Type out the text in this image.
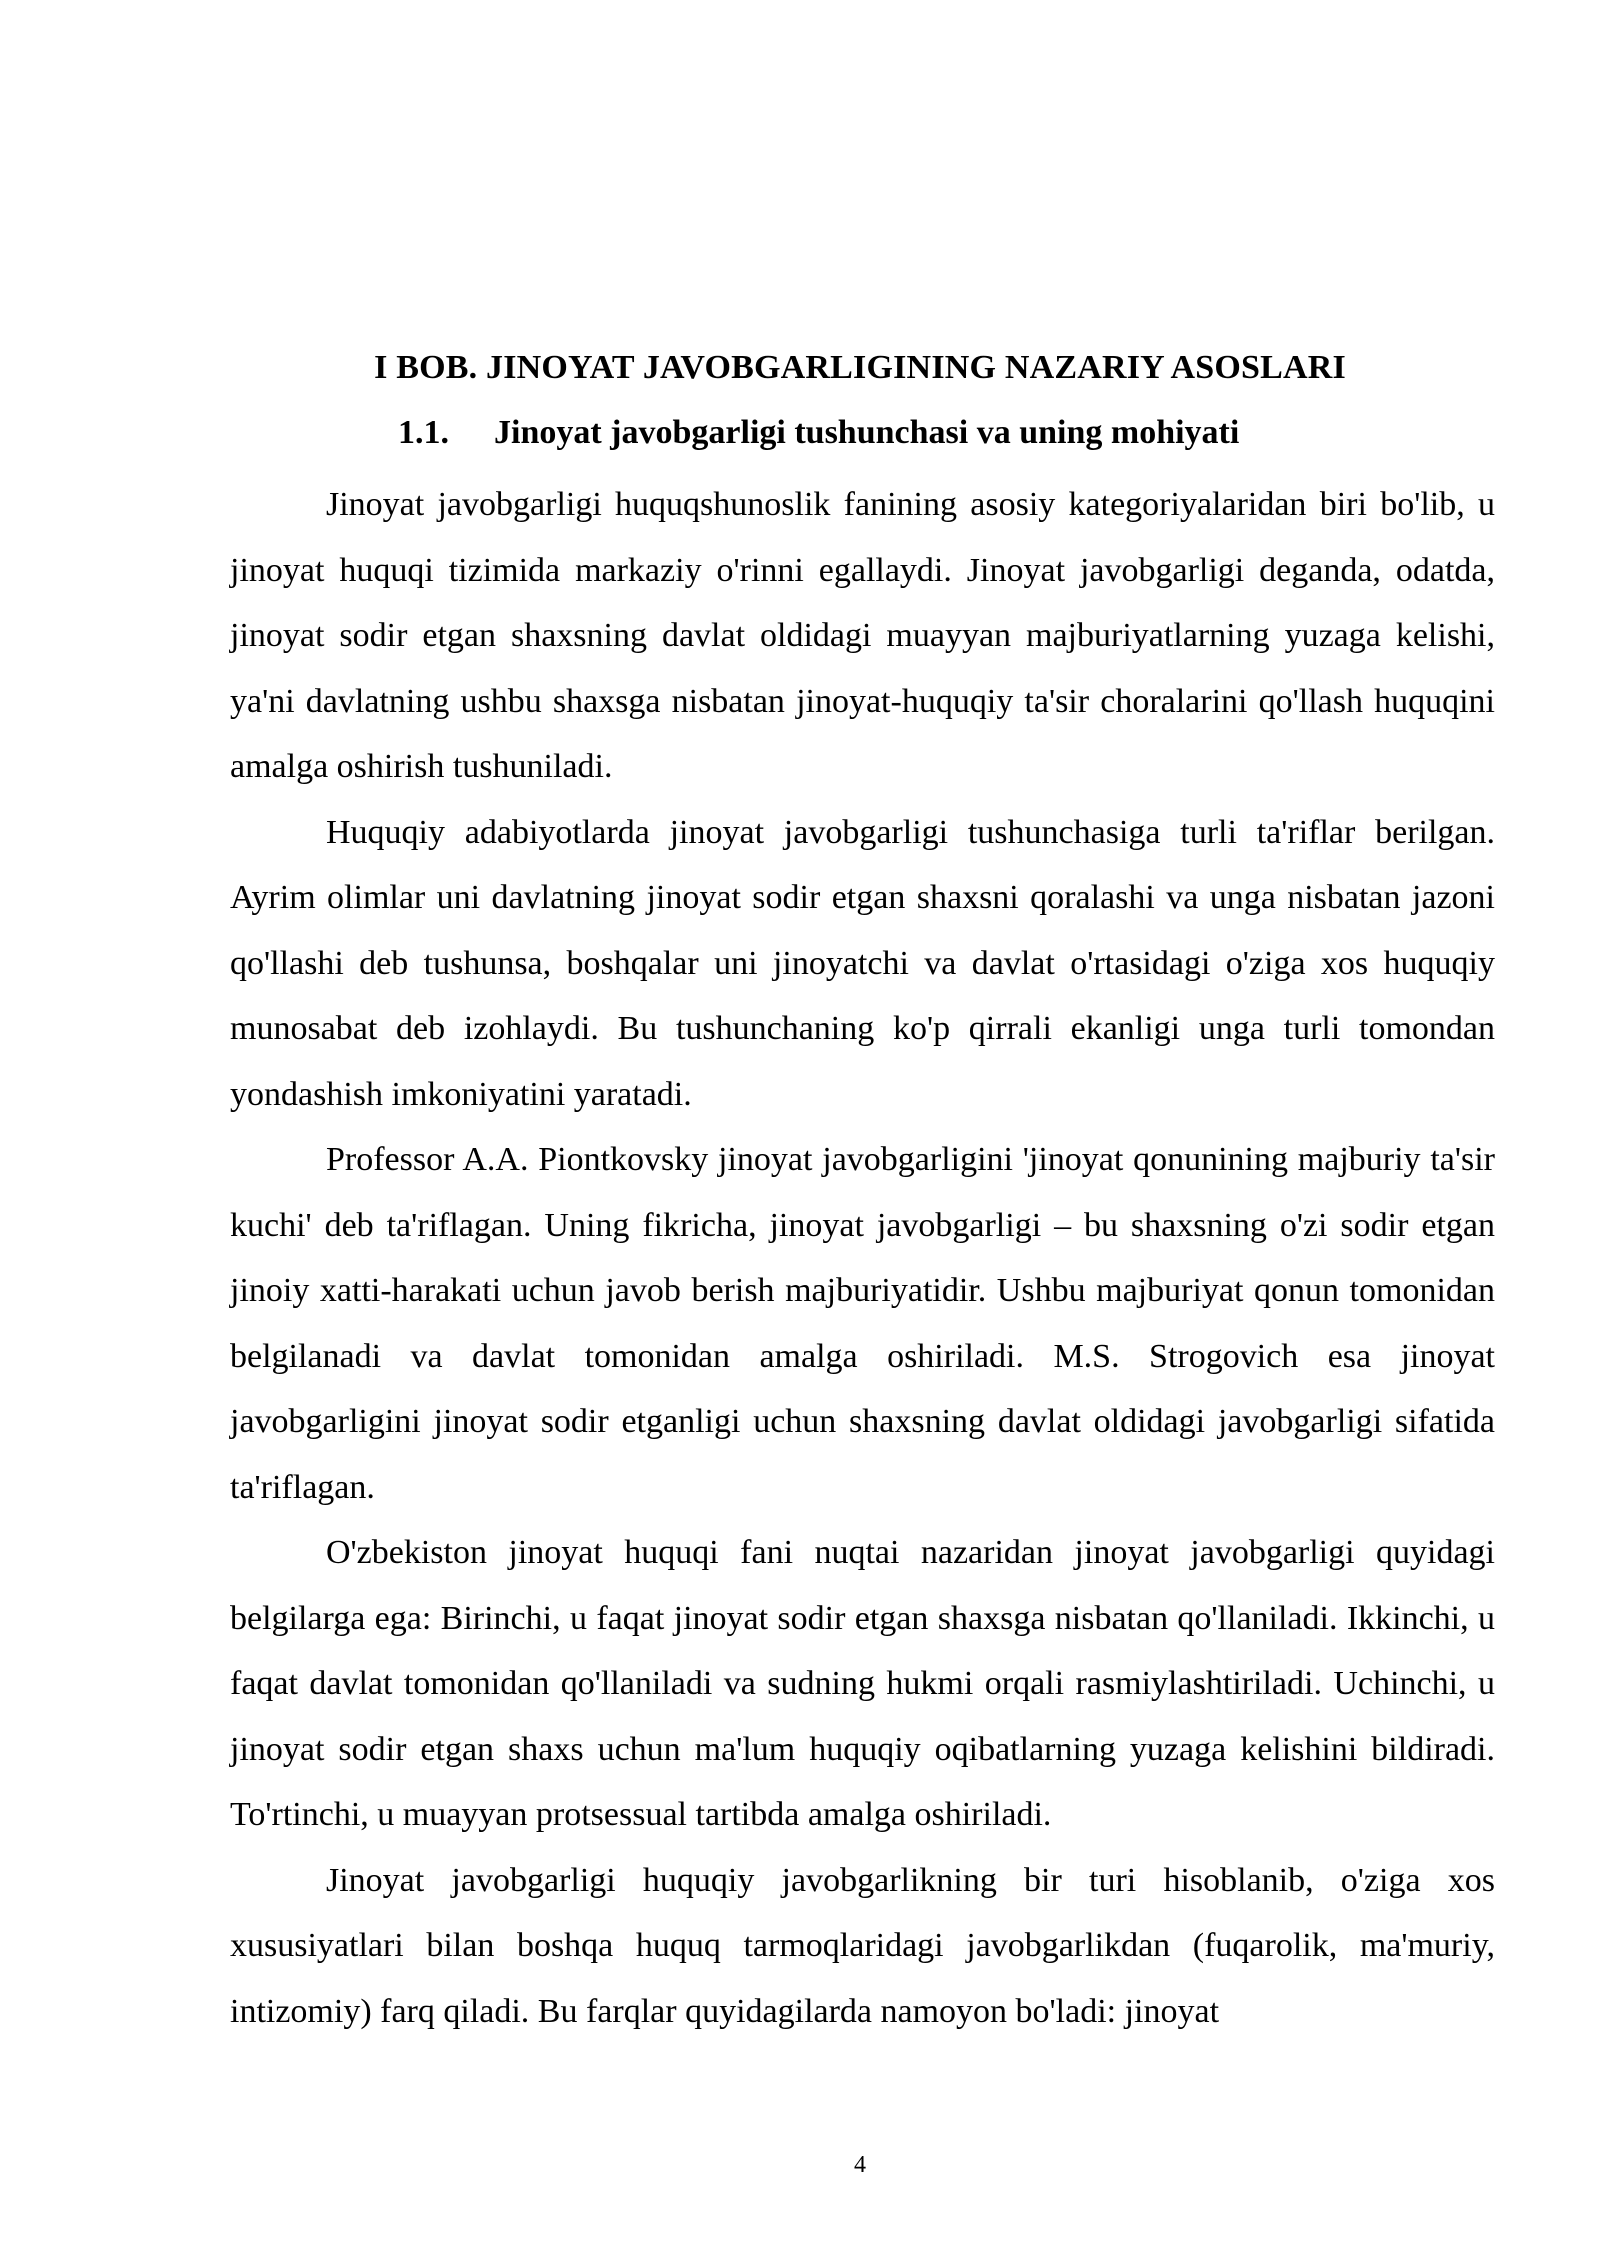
I BOB. JINOYAT JAVOBGARLIGINING NAZARIY ASOSLARI
1.1. Jinoyat javobgarligi tushunchasi va uning mohiyati

Jinoyat javobgarligi huquqshunoslik fanining asosiy kategoriyalaridan biri bo'lib, u jinoyat huquqi tizimida markaziy o'rinni egallaydi. Jinoyat javobgarligi deganda, odatda, jinoyat sodir etgan shaxsning davlat oldidagi muayyan majburiyatlarning yuzaga kelishi, ya'ni davlatning ushbu shaxsga nisbatan jinoyat-huquqiy ta'sir choralarini qo'llash huquqini amalga oshirish tushuniladi.

Huquqiy adabiyotlarda jinoyat javobgarligi tushunchasiga turli ta'riflar berilgan. Ayrim olimlar uni davlatning jinoyat sodir etgan shaxsni qoralashi va unga nisbatan jazoni qo'llashi deb tushunsa, boshqalar uni jinoyatchi va davlat o'rtasidagi o'ziga xos huquqiy munosabat deb izohlaydi. Bu tushunchaning ko'p qirrali ekanligi unga turli tomondan yondashish imkoniyatini yaratadi.

Professor A.A. Piontkovsky jinoyat javobgarligini 'jinoyat qonunining majburiy ta'sir kuchi' deb ta'riflagan. Uning fikricha, jinoyat javobgarligi – bu shaxsning o'zi sodir etgan jinoiy xatti-harakati uchun javob berish majburiyatidir. Ushbu majburiyat qonun tomonidan belgilanadi va davlat tomonidan amalga oshiriladi. M.S. Strogovich esa jinoyat javobgarligini jinoyat sodir etganligi uchun shaxsning davlat oldidagi javobgarligi sifatida ta'riflagan.

O'zbekiston jinoyat huquqi fani nuqtai nazaridan jinoyat javobgarligi quyidagi belgilarga ega: Birinchi, u faqat jinoyat sodir etgan shaxsga nisbatan qo'llaniladi. Ikkinchi, u faqat davlat tomonidan qo'llaniladi va sudning hukmi orqali rasmiylashtiriladi. Uchinchi, u jinoyat sodir etgan shaxs uchun ma'lum huquqiy oqibatlarning yuzaga kelishini bildiradi. To'rtinchi, u muayyan protsessual tartibda amalga oshiriladi.

Jinoyat javobgarligi huquqiy javobgarlikning bir turi hisoblanib, o'ziga xos xususiyatlari bilan boshqa huquq tarmoqlaridagi javobgarlikdan (fuqarolik, ma'muriy, intizomiy) farq qiladi. Bu farqlar quyidagilarda namoyon bo'ladi: jinoyat

4
